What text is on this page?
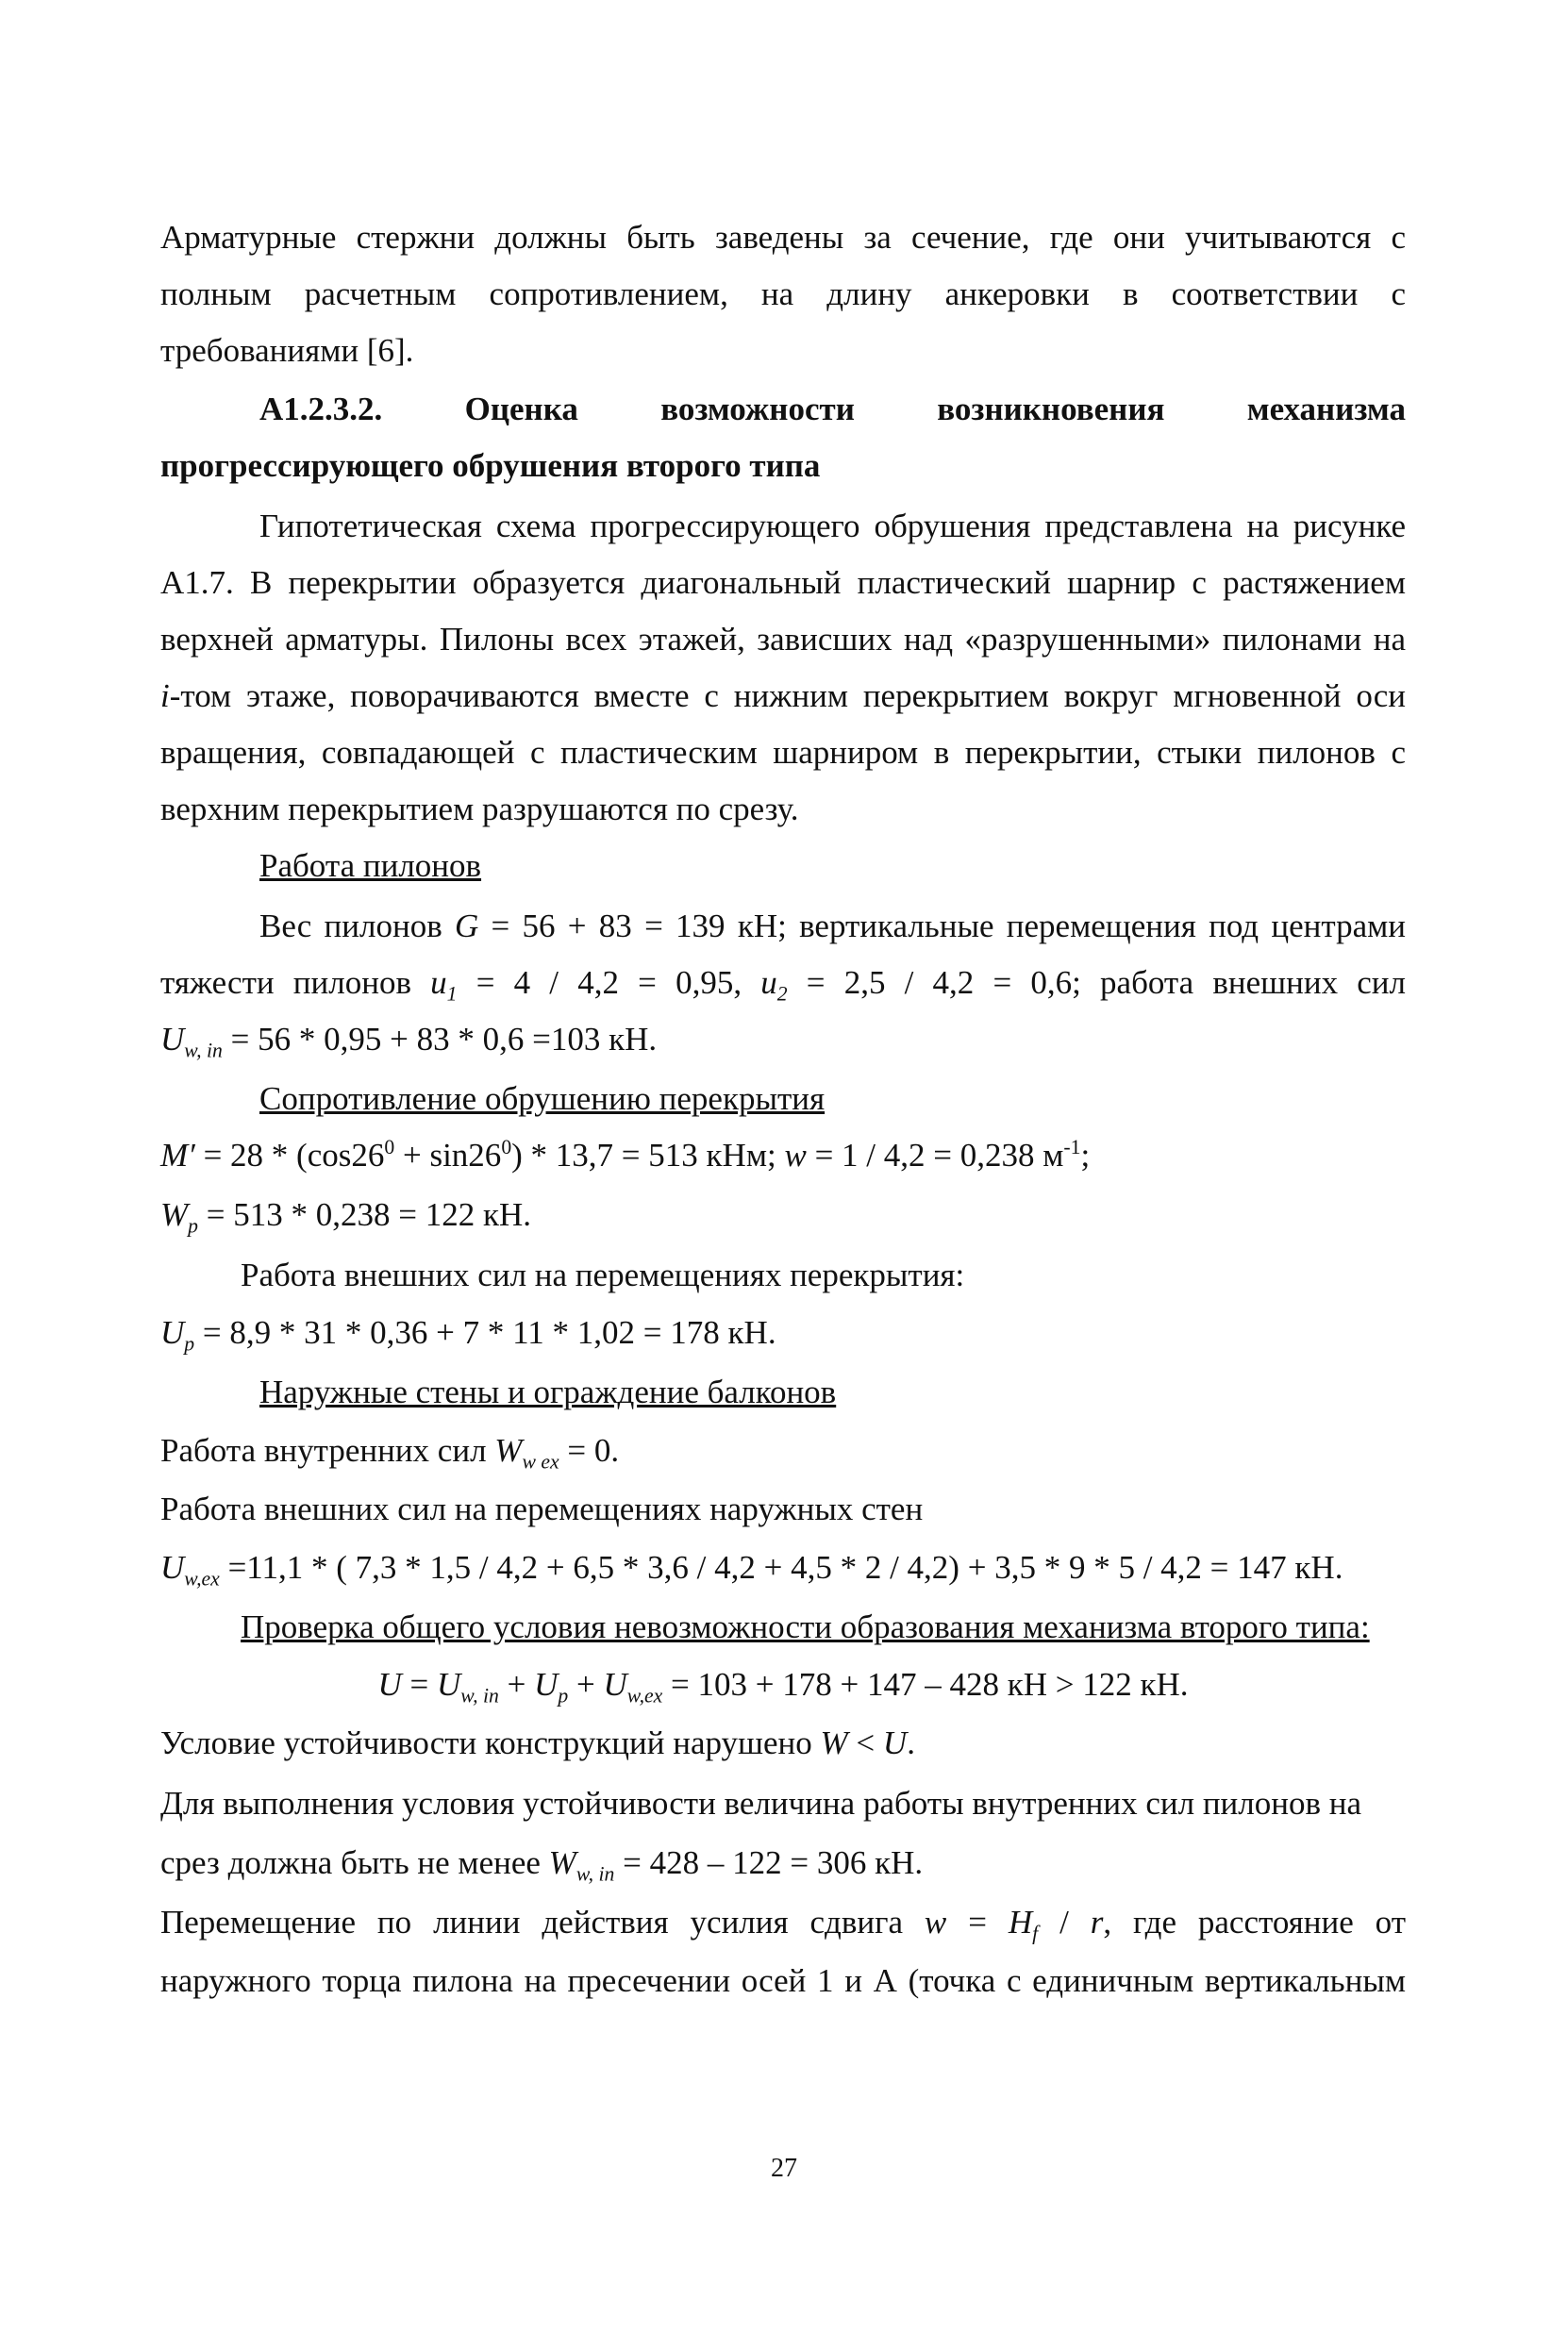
Арматурные стержни должны быть заведены за сечение, где они учитываются с
полным расчетным сопротивлением, на длину анкеровки в соответствии с
требованиями [6].
А1.2.3.2. Оценка возможности возникновения механизма
прогрессирующего обрушения второго типа
Гипотетическая схема прогрессирующего обрушения представлена на рисунке
А1.7. В перекрытии образуется диагональный пластический шарнир с растяжением
верхней арматуры. Пилоны всех этажей, зависших над «разрушенными» пилонами на
i-том этаже, поворачиваются вместе с нижним перекрытием вокруг мгновенной оси
вращения, совпадающей с пластическим шарниром в перекрытии, стыки пилонов с
верхним перекрытием разрушаются по срезу.
Работа пилонов
Вес пилонов G = 56 + 83 = 139 кН; вертикальные перемещения под центрами
тяжести пилонов $u_1 = 4 / 4,2 = 0,95$, $u_2 = 2,5 / 4,2 = 0,6$; работа внешних сил
$U_{w, in} = 56 * 0,95 + 83 * 0,6 =103$ кН.
Сопротивление обрушению перекрытия
$M' = 28 * (\cos 26^0 + \sin 26^0) * 13,7 = 513$ кНм; w = 1 / 4,2 = 0,238 $м^{-1}$;
$W_p = 513 * 0,238 = 122$ кН.
Работа внешних сил на перемещениях перекрытия:
$U_p = 8,9 * 31 * 0,36 + 7 * 11 * 1,02 = 178$ кН.
Наружные стены и ограждение балконов
Работа внутренних сил $W_{w ex} = 0$.
Работа внешних сил на перемещениях наружных стен
$U_{w,ex} =11,1$ * ( 7,3 * 1,5 / 4,2 + 6,5 * 3,6 / 4,2 + 4,5 * 2 / 4,2) + 3,5 * 9 * 5 / 4,2 = 147 кН.
Проверка общего условия невозможности образования механизма второго типа:
$U = U_{w, in} + U_p + U_{w,ex} = 103 + 178 + 147 - 428$ кН > 122 кН.
Условие устойчивости конструкций нарушено W < U.
Для выполнения условия устойчивости величина работы внутренних сил пилонов на
срез должна быть не менее $W_{w, in} = 428 - 122 = 306$ кН.
Перемещение по линии действия усилия сдвига $w = H_f / r$, где расстояние от
наружного торца пилона на пресечении осей 1 и А (точка с единичным вертикальным
27
